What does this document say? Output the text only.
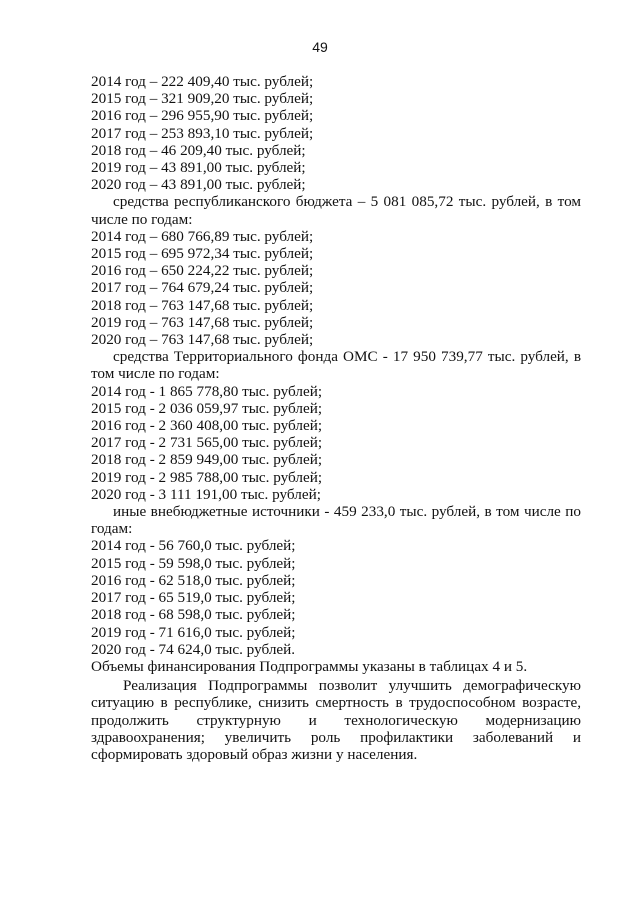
49
2014 год – 222 409,40 тыс. рублей;
2015 год – 321 909,20 тыс. рублей;
2016 год – 296 955,90 тыс. рублей;
2017 год – 253 893,10 тыс. рублей;
2018 год – 46 209,40 тыс. рублей;
2019 год – 43 891,00 тыс. рублей;
2020 год – 43 891,00 тыс. рублей;
средства республиканского бюджета – 5 081 085,72 тыс. рублей, в том
числе по годам:
2014 год – 680 766,89 тыс. рублей;
2015 год – 695 972,34 тыс. рублей;
2016 год – 650 224,22 тыс. рублей;
2017 год – 764 679,24 тыс. рублей;
2018 год – 763 147,68 тыс. рублей;
2019 год – 763 147,68 тыс. рублей;
2020 год – 763 147,68 тыс. рублей;
средства Территориального фонда ОМС - 17 950 739,77 тыс. рублей, в
том числе по годам:
2014 год - 1 865 778,80 тыс. рублей;
2015 год - 2 036 059,97 тыс. рублей;
2016 год - 2 360 408,00 тыс. рублей;
2017 год - 2 731 565,00 тыс. рублей;
2018 год - 2 859 949,00 тыс. рублей;
2019 год - 2 985 788,00 тыс. рублей;
2020 год - 3 111 191,00 тыс. рублей;
иные внебюджетные источники - 459 233,0 тыс. рублей, в том числе по
годам:
2014 год - 56 760,0 тыс. рублей;
2015 год - 59 598,0 тыс. рублей;
2016 год - 62 518,0 тыс. рублей;
2017 год - 65 519,0 тыс. рублей;
2018 год - 68 598,0 тыс. рублей;
2019 год - 71 616,0 тыс. рублей;
2020 год - 74 624,0 тыс. рублей.
Объемы финансирования Подпрограммы указаны в таблицах 4 и 5.
Реализация Подпрограммы позволит улучшить демографическую
ситуацию в республике, снизить смертность в трудоспособном возрасте,
продолжить структурную и технологическую модернизацию
здравоохранения; увеличить роль профилактики заболеваний и
сформировать здоровый образ жизни у населения.
